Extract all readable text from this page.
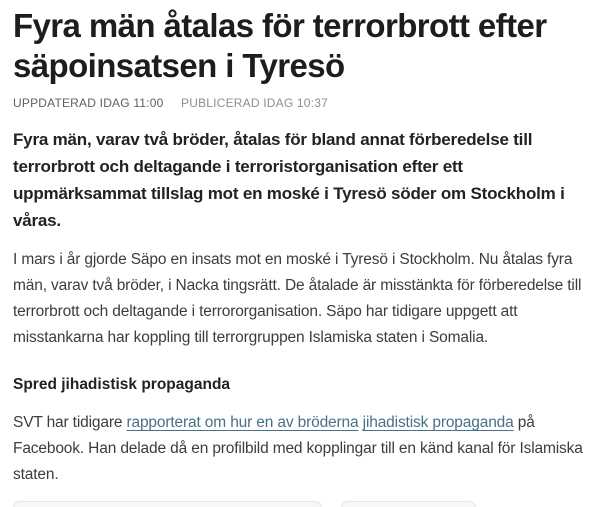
Fyra män åtalas för terrorbrott efter säpoinsatsen i Tyresö
UPPDATERAD IDAG 11:00 PUBLICERAD IDAG 10:37

Fyra män, varav två bröder, åtalas för bland annat förberedelse till terrorbrott och deltagande i terroristorganisation efter ett uppmärksammat tillslag mot en moské i Tyresö söder om Stockholm i våras.

I mars i år gjorde Säpo en insats mot en moské i Tyresö i Stockholm. Nu åtalas fyra män, varav två bröder, i Nacka tingsrätt. De åtalade är misstänkta för förberedelse till terrorbrott och deltagande i terrororganisation. Säpo har tidigare uppgett att misstankarna har koppling till terrorgruppen Islamiska staten i Somalia.

Spred jihadistisk propaganda

SVT har tidigare rapporterat om hur en av bröderna jihadistisk propaganda på Facebook. Han delade då en profilbild med kopplingar till en känd kanal för Islamiska staten.
